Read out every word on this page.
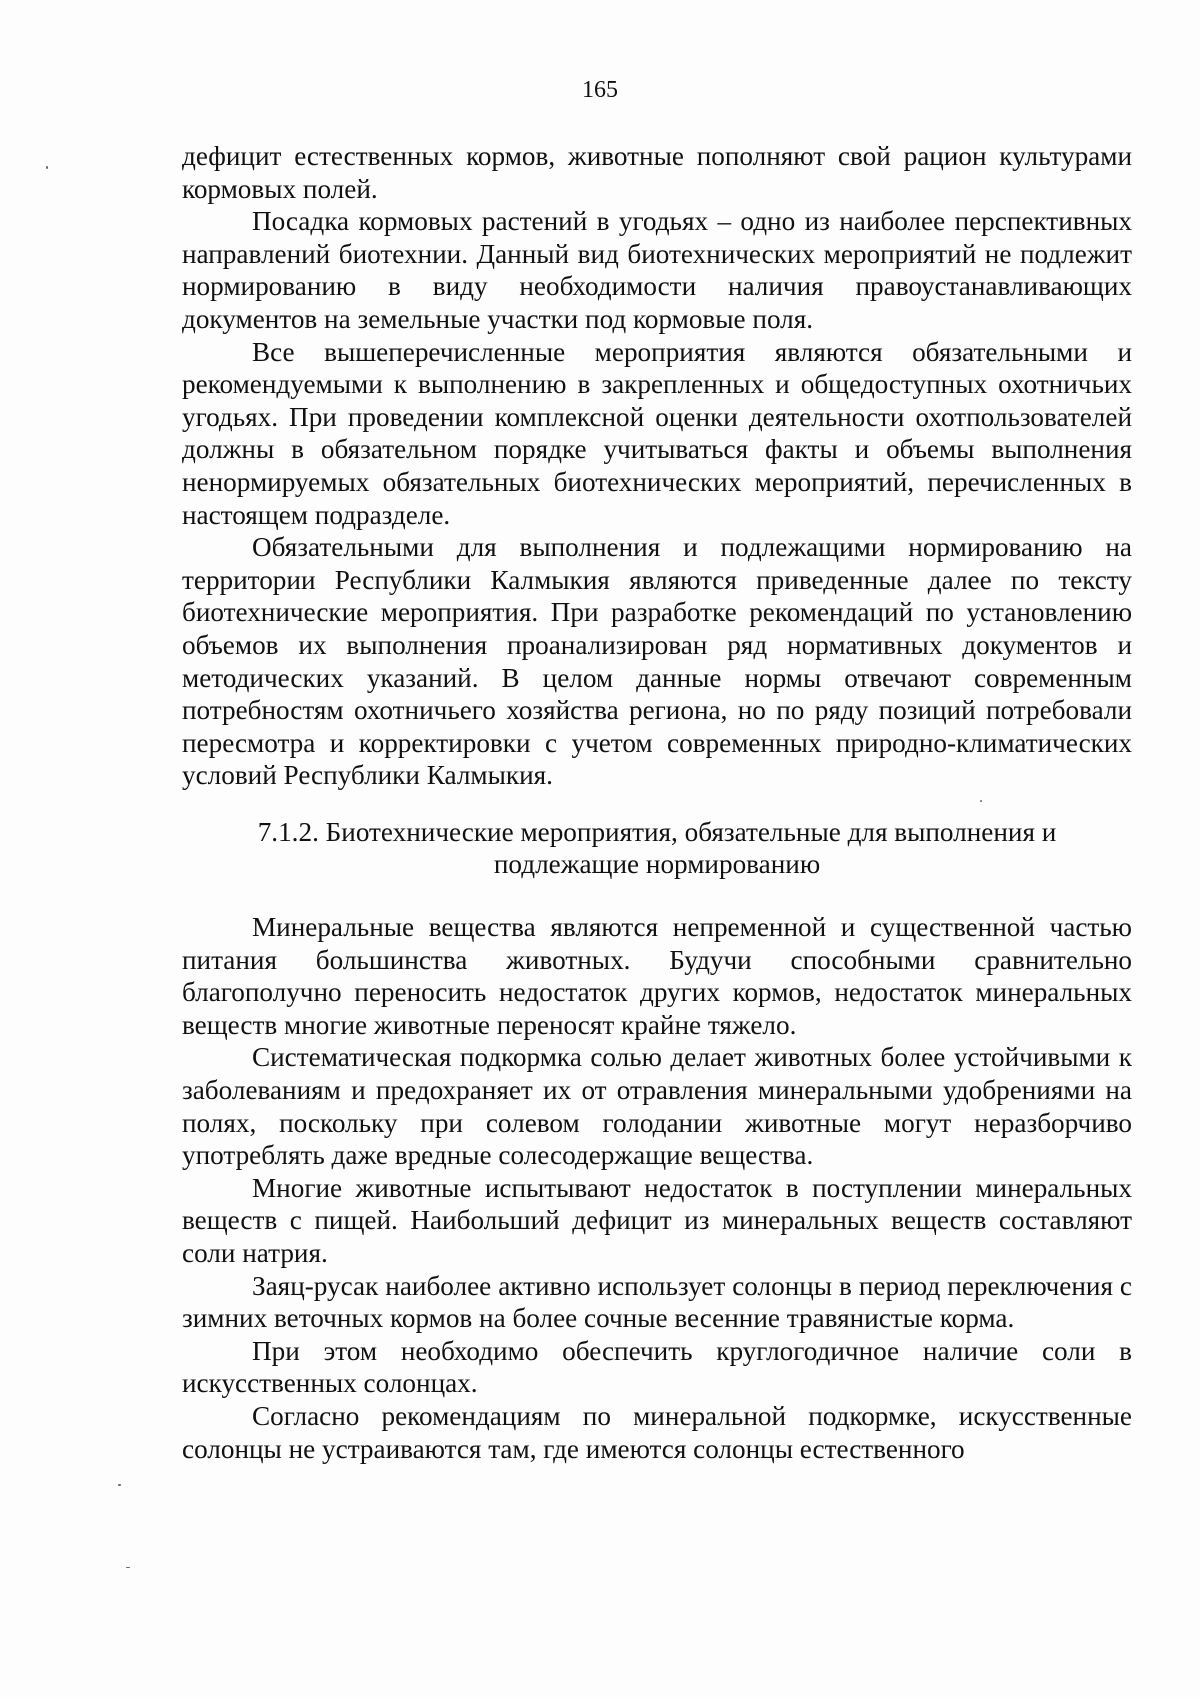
165

дефицит естественных кормов, животные пополняют свой рацион культурами кормовых полей.

Посадка кормовых растений в угодьях – одно из наиболее перспективных направлений биотехнии. Данный вид биотехнических мероприятий не подлежит нормированию в виду необходимости наличия правоустанавливающих документов на земельные участки под кормовые поля.

Все вышеперечисленные мероприятия являются обязательными и рекомендуемыми к выполнению в закрепленных и общедоступных охотничьих угодьях. При проведении комплексной оценки деятельности охотпользователей должны в обязательном порядке учитываться факты и объемы выполнения ненормируемых обязательных биотехнических мероприятий, перечисленных в настоящем подразделе.

Обязательными для выполнения и подлежащими нормированию на территории Республики Калмыкия являются приведенные далее по тексту биотехнические мероприятия. При разработке рекомендаций по установлению объемов их выполнения проанализирован ряд нормативных документов и методических указаний. В целом данные нормы отвечают современным потребностям охотничьего хозяйства региона, но по ряду позиций потребовали пересмотра и корректировки с учетом современных природно-климатических условий Республики Калмыкия.

7.1.2. Биотехнические мероприятия, обязательные для выполнения и
подлежащие нормированию

Минеральные вещества являются непременной и существенной частью питания большинства животных. Будучи способными сравнительно благополучно переносить недостаток других кормов, недостаток минеральных веществ многие животные переносят крайне тяжело.

Систематическая подкормка солью делает животных более устойчивыми к заболеваниям и предохраняет их от отравления минеральными удобрениями на полях, поскольку при солевом голодании животные могут неразборчиво употреблять даже вредные солесодержащие вещества.

Многие животные испытывают недостаток в поступлении минеральных веществ с пищей. Наибольший дефицит из минеральных веществ составляют соли натрия.

Заяц-русак наиболее активно использует солонцы в период переключения с зимних веточных кормов на более сочные весенние травянистые корма.

При этом необходимо обеспечить круглогодичное наличие соли в искусственных солонцах.

Согласно рекомендациям по минеральной подкормке, искусственные солонцы не устраиваются там, где имеются солонцы естественного
